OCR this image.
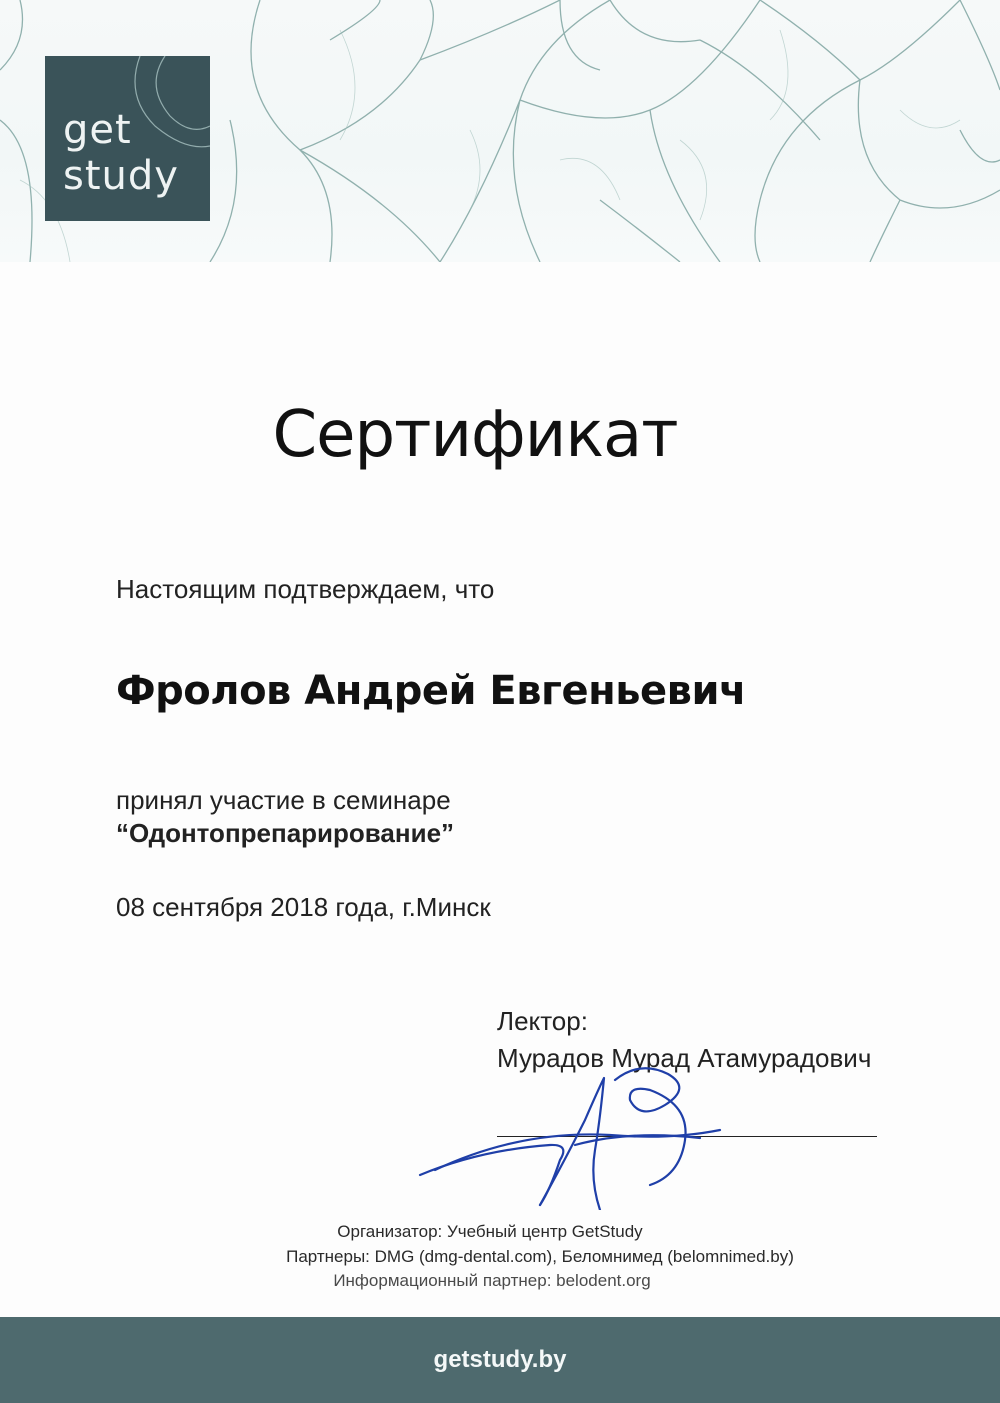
get
study
Сертификат
Настоящим подтверждаем, что
Фролов Андрей Евгеньевич
принял участие в семинаре
“Одонтопрепарирование”
08 сентября 2018 года, г.Минск
Лектор:
Мурадов Мурад Атамурадович
Организатор: Учебный центр GetStudy
Партнеры: DMG (dmg-dental.com), Беломнимед (belomnimed.by)
Информационный партнер: belodent.org
getstudy.by
